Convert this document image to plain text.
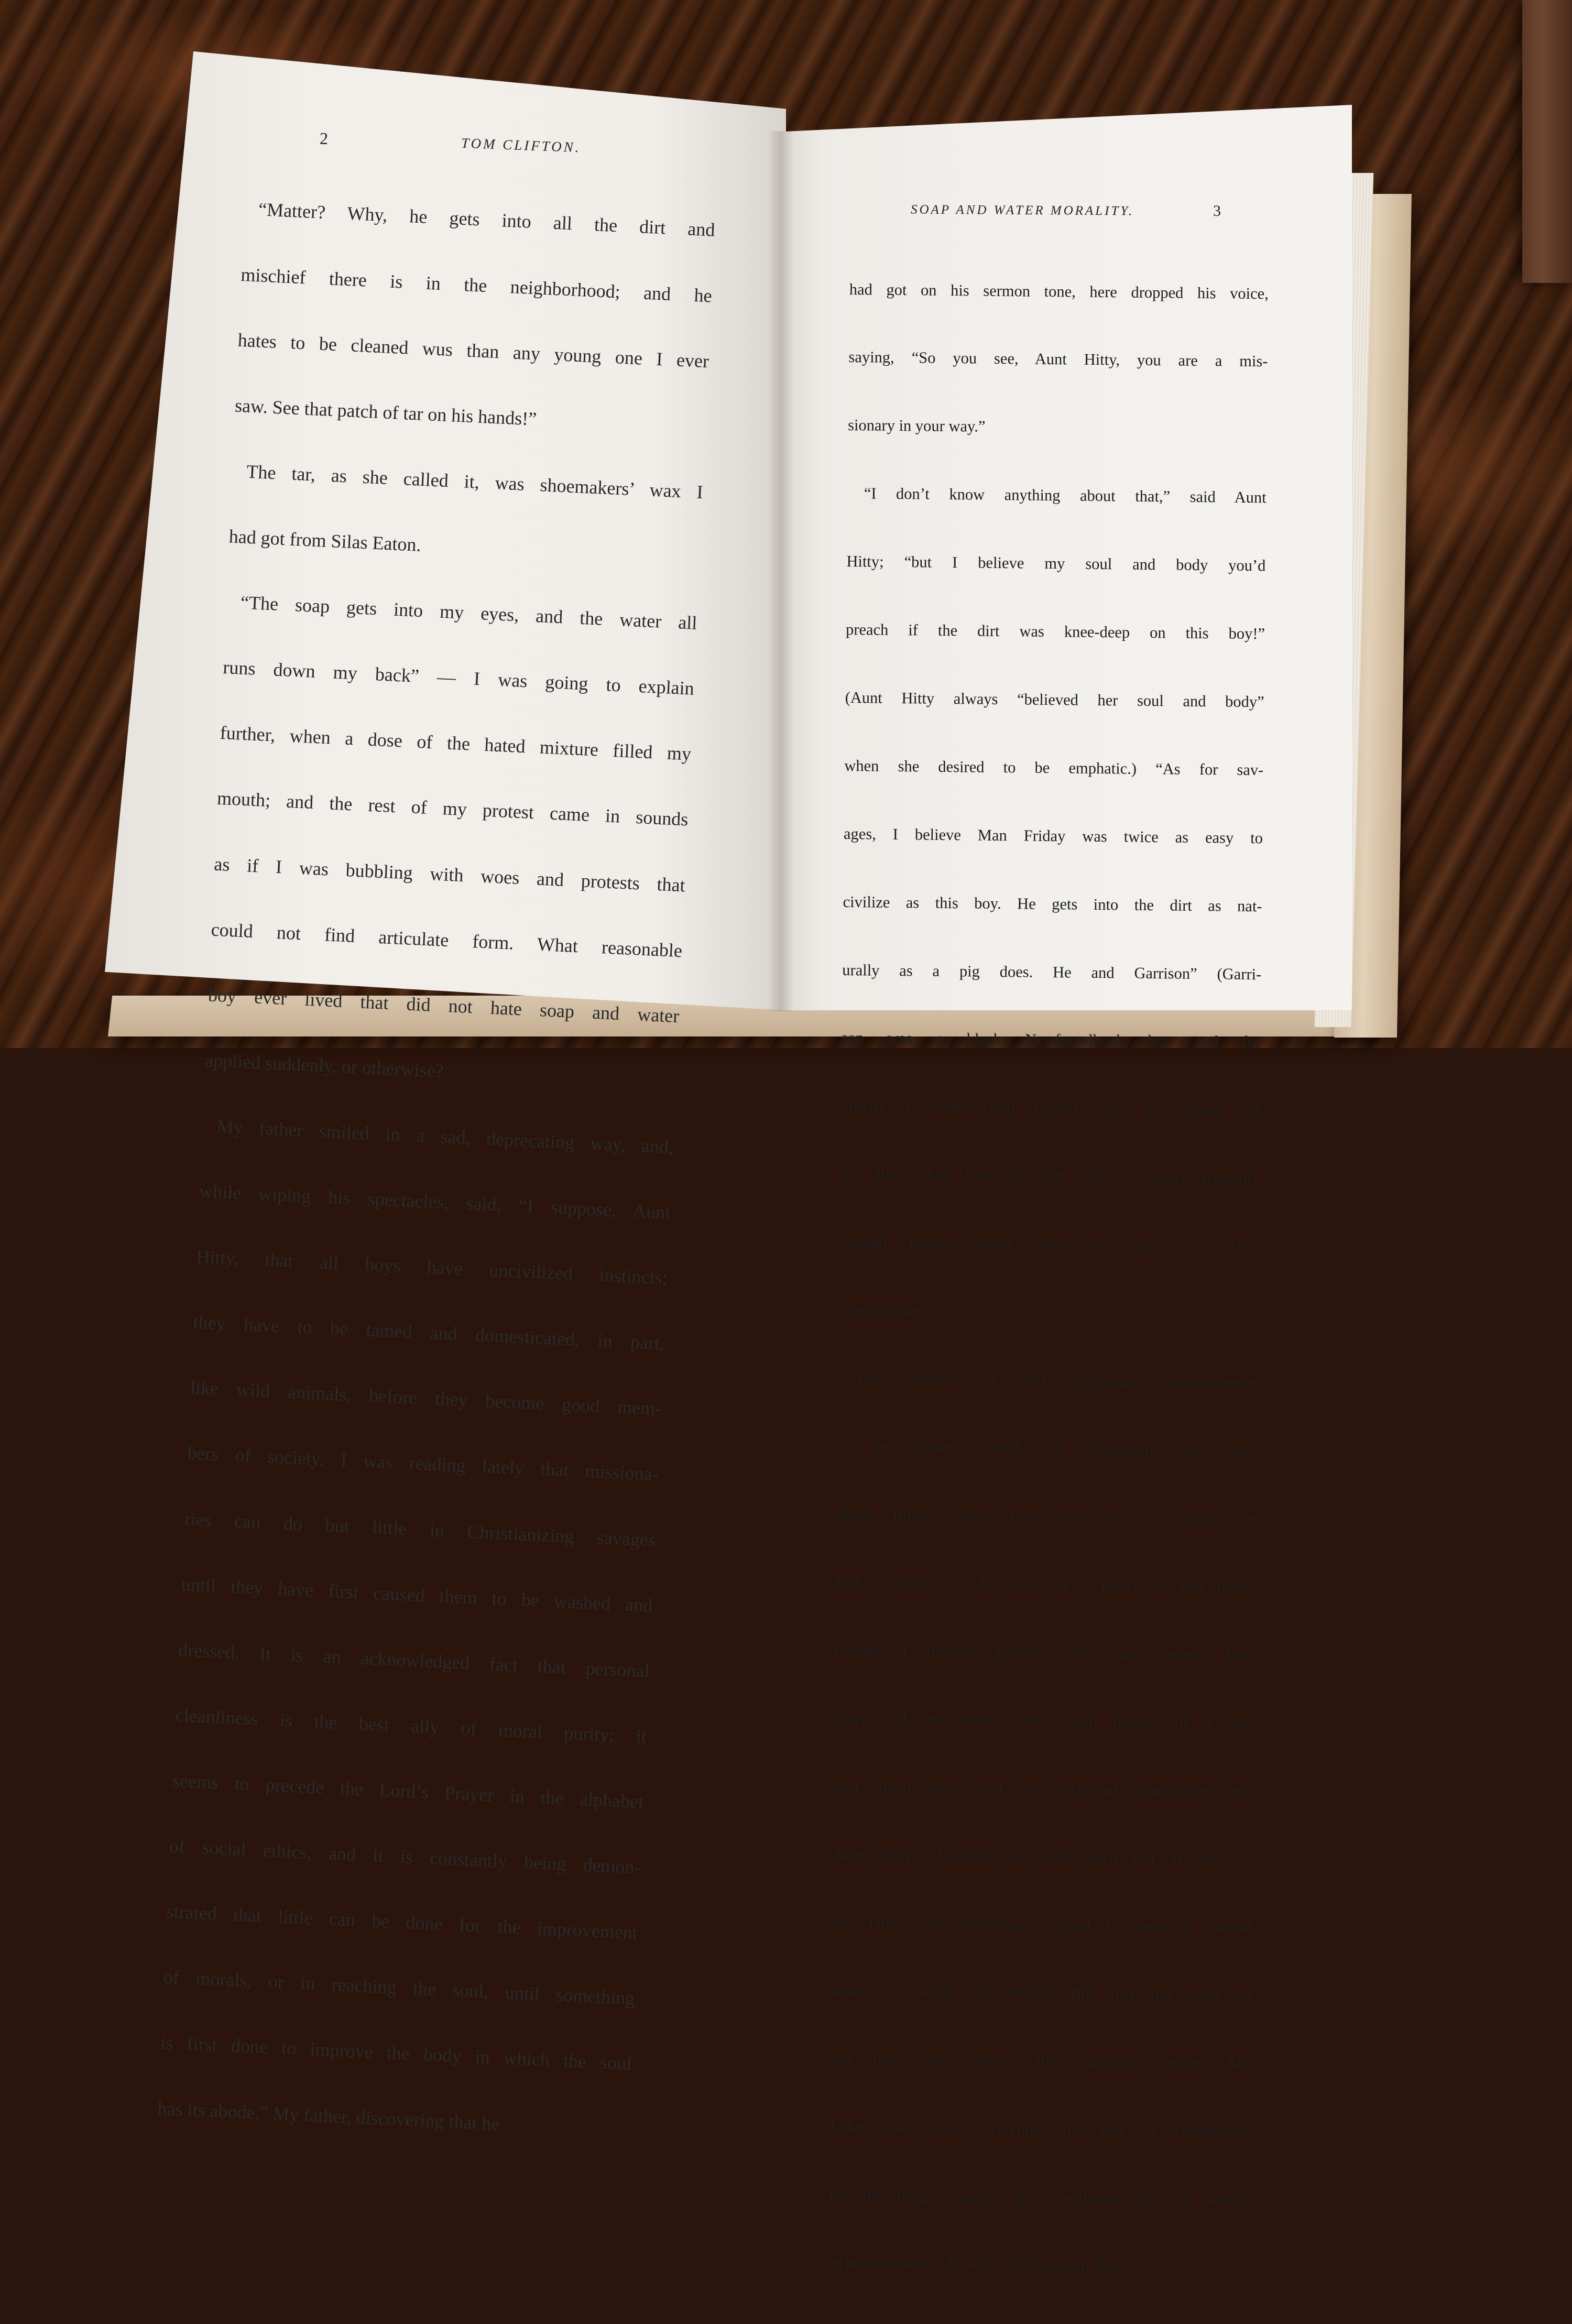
2	TOM CLIFTON.
SOAP AND WATER MORALITY.	3

“Matter? Why, he gets into all the dirt and

mischief there is in the neighborhood; and he

hates to be cleaned wus than any young one I ever

saw. See that patch of tar on his hands!”

The tar, as she called it, was shoemakers’ wax I

had got from Silas Eaton.

“The soap gets into my eyes, and the water all

runs down my back” — I was going to explain

further, when a dose of the hated mixture filled my

mouth; and the rest of my protest came in sounds

as if I was bubbling with woes and protests that

could not find articulate form. What reasonable

boy ever lived that did not hate soap and water

applied suddenly, or otherwise?

My father smiled in a sad, deprecating way, and,

while wiping his spectacles, said, “I suppose, Aunt

Hitty, that all boys have uncivilized instincts;

they have to be tamed and domesticated, in part,

like wild animals, before they become good mem-

bers of society. I was reading lately that missiona-

ries can do but little in Christianizing savages

until they have first caused them to be washed and

dressed. It is an acknowledged fact that personal

cleanliness is the best ally of moral purity; it

seems to precede the Lord’s Prayer in the alphabet

of social ethics, and it is constantly being demon-

strated that little can be done for the improvement

of morals, or in reaching the soul, until something

is first done to improve the body in which the soul

has its abode.” My father, discovering that he

had got on his sermon tone, here dropped his voice,

saying, “So you see, Aunt Hitty, you are a mis-

sionary in your way.”

“I don’t know anything about that,” said Aunt

Hitty; “but I believe my soul and body you’d

preach if the dirt was knee-deep on this boy!”

(Aunt Hitty always “believed her soul and body”

when she desired to be emphatic.) “As for sav-

ages, I believe Man Friday was twice as easy to

civilize as this boy. He gets into the dirt as nat-

urally as a pig does. He and Garrison” (Garri-

son was a black Newfoundland dog, and for

brevity I called him Garry) “are the plague of

my life. They both of ’em take to water naturally

enough, though, when there’s no soap in it, but

plenty of dirt.”

This seemed to start unpleasant reminiscences

in my father’s mind, for Centerboro was only

about fifteen miles from the sea, of which he

had a horror; for he was not a native of that place,

though a resident preacher for many years. Aunt

Hitty and my mother were both natives of a sea-

port town near, and my maternal grandfather and

Aunt Hitty’s husband had both been lost at sea, —

my father said drowning seemed to them a natural

death, — while my brother Bill had run away to

sea two years before this narrative begins. My

father had never overcome his fear or repugnance

for the rough dangers of a seafaring life, by which,

as he expressed it, he was “encompassed about.”
